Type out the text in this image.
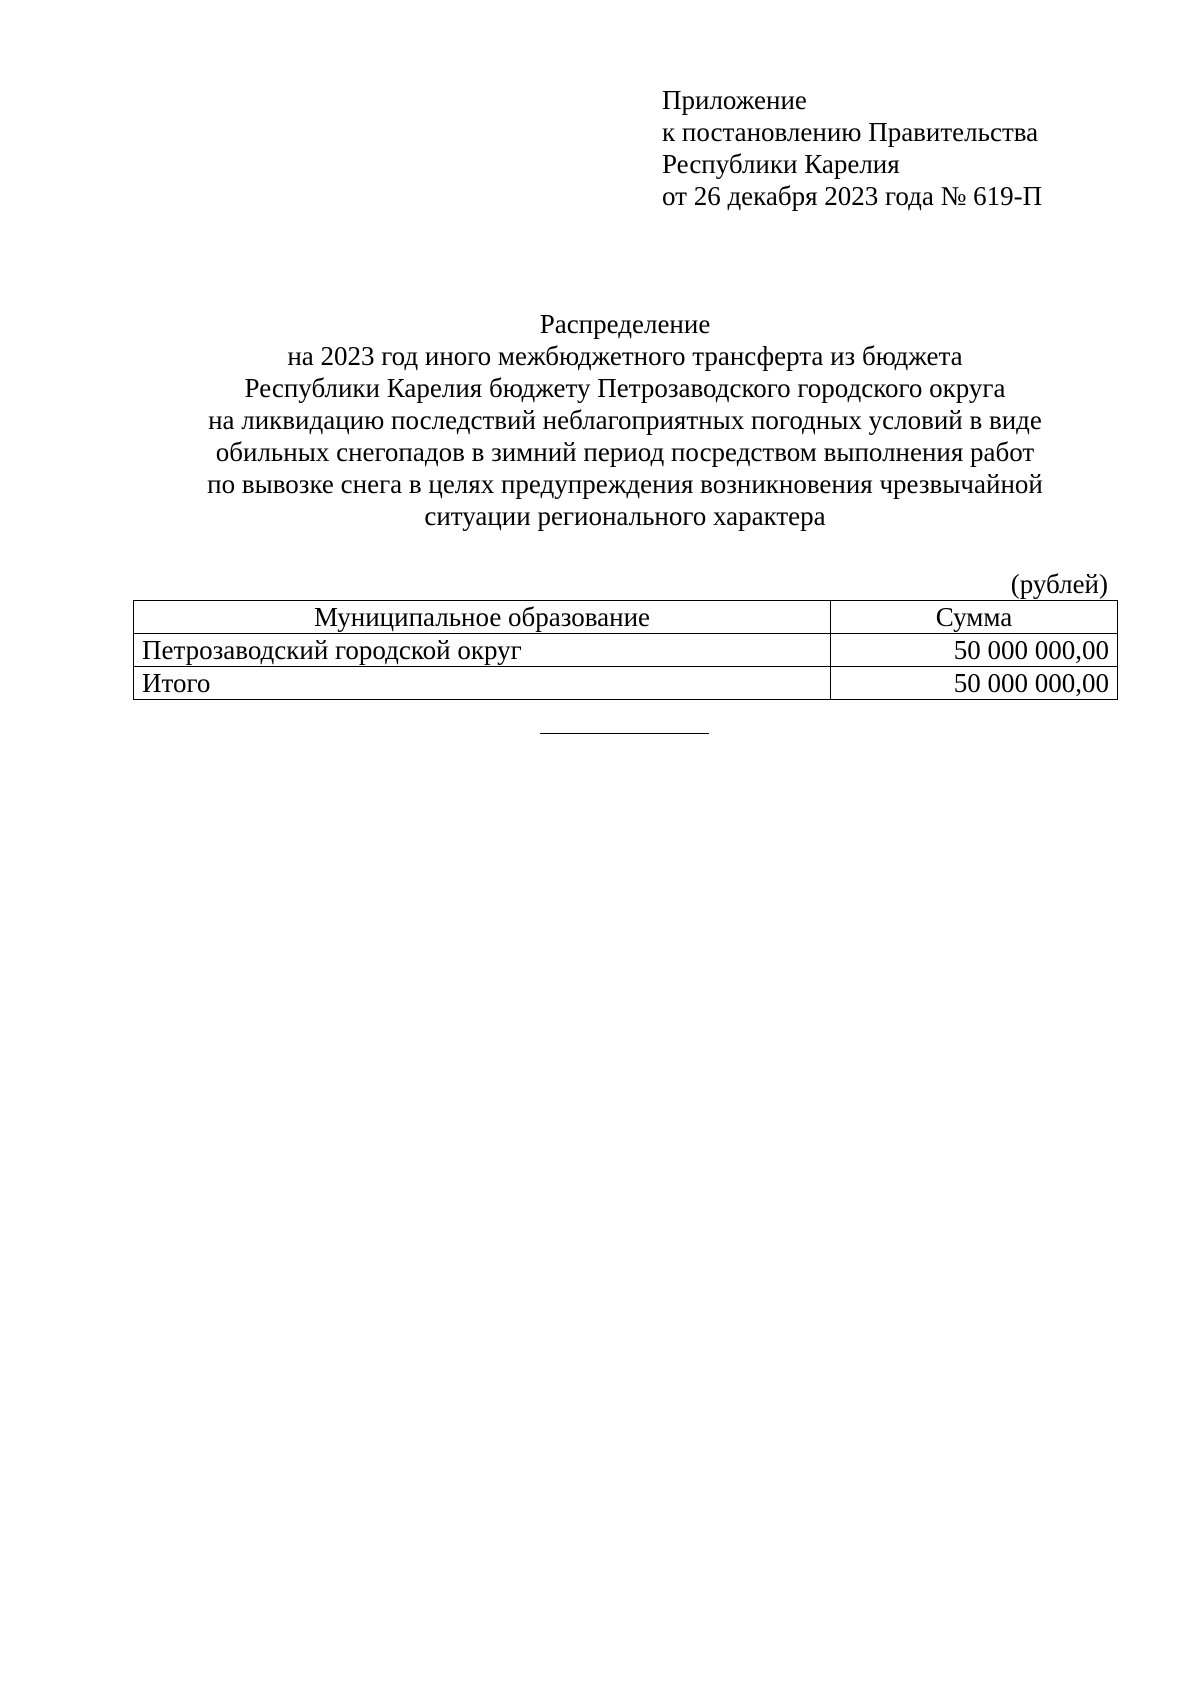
Приложение
к постановлению Правительства
Республики Карелия
от 26 декабря 2023 года № 619-П
Распределение
на 2023 год иного межбюджетного трансферта из бюджета
Республики Карелия бюджету Петрозаводского городского округа
на ликвидацию последствий неблагоприятных погодных условий в виде
обильных снегопадов в зимний период посредством выполнения работ
по вывозке снега в целях предупреждения возникновения чрезвычайной
ситуации регионального характера
(рублей)
Муниципальное образование	Сумма
Петрозаводский городской округ	50 000 000,00
Итого	50 000 000,00
